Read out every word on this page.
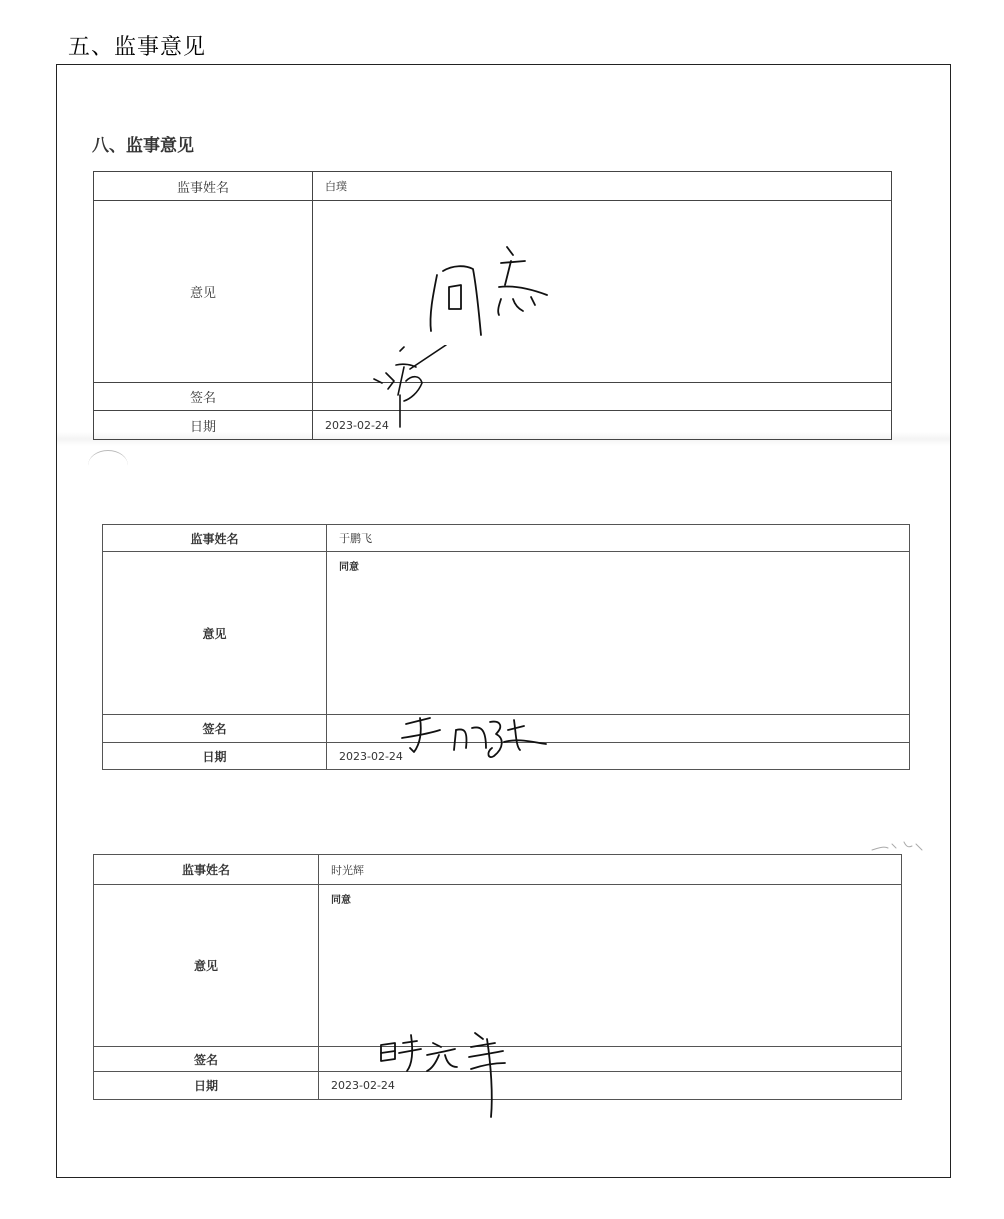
五、监事意见
八、监事意见
监事姓名	白璞
意见	
签名	
日期	2023-02-24
监事姓名	于鹏飞
意见	同意
签名	
日期	2023-02-24
监事姓名	时光辉
意见	同意
签名	
日期	2023-02-24
